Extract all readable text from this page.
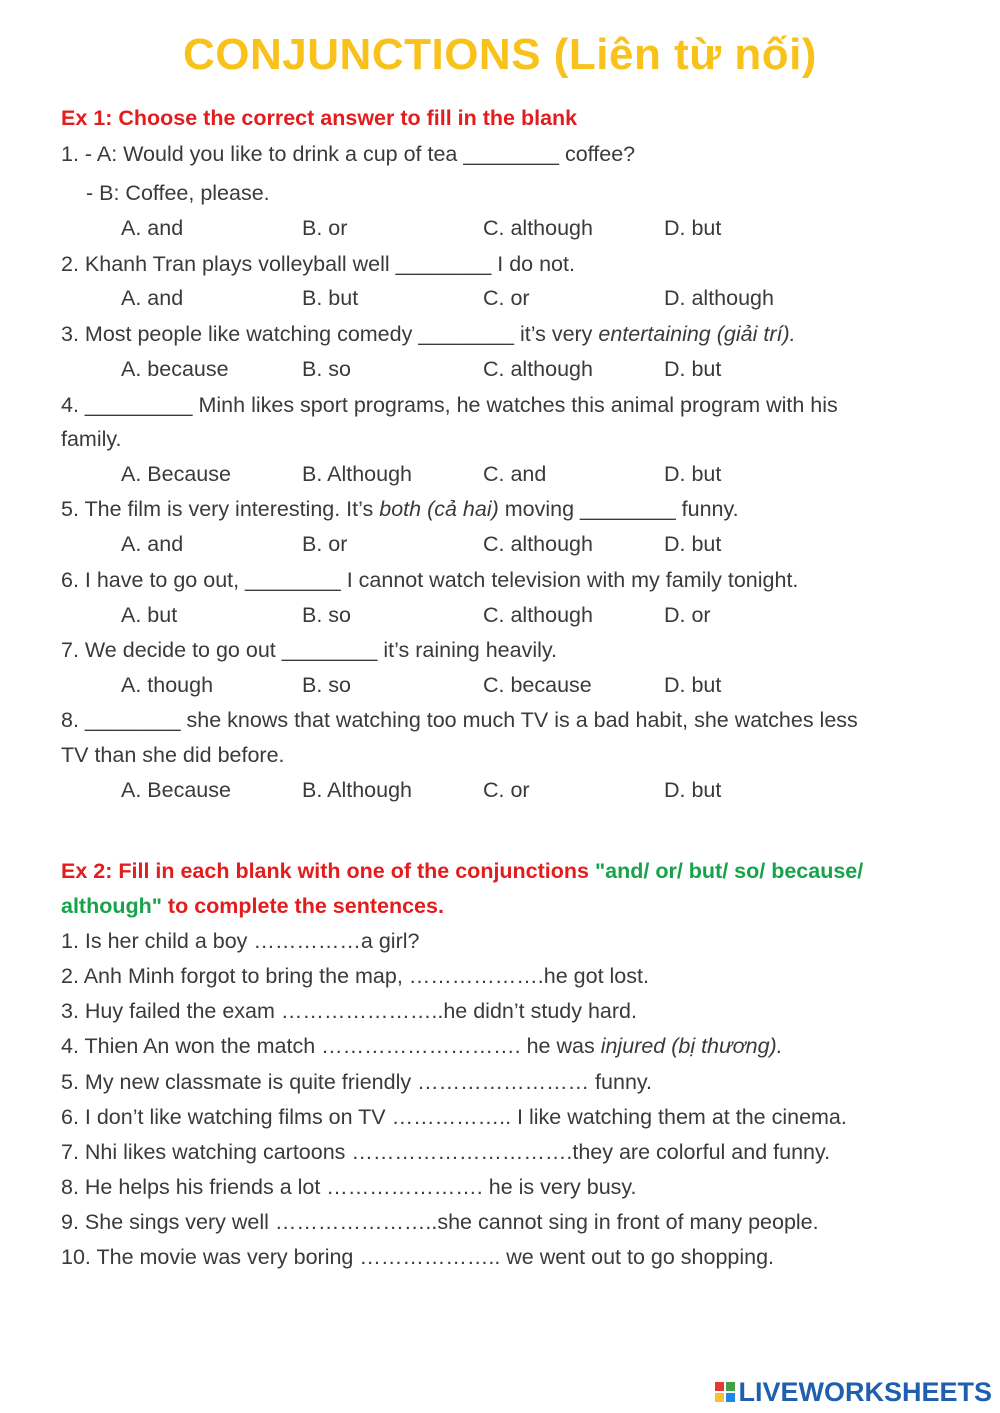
CONJUNCTIONS (Liên từ nối)
Ex 1: Choose the correct answer to fill in the blank
1. - A: Would you like to drink a cup of tea ________ coffee?
- B: Coffee, please.
A. and	B. or	C. although	D. but
2. Khanh Tran plays volleyball well ________ I do not.
A. and	B. but	C. or	D. although
3. Most people like watching comedy ________ it’s very entertaining (giải trí).
A. because	B. so	C. although	D. but
4. _________ Minh likes sport programs, he watches this animal program with his
family.
A. Because	B. Although	C. and	D. but
5. The film is very interesting. It’s both (cả hai) moving ________ funny.
A. and	B. or	C. although	D. but
6. I have to go out, ________ I cannot watch television with my family tonight.
A. but	B. so	C. although	D. or
7. We decide to go out ________ it’s raining heavily.
A. though	B. so	C. because	D. but
8. ________ she knows that watching too much TV is a bad habit, she watches less
TV than she did before.
A. Because	B. Although	C. or	D. but
Ex 2: Fill in each blank with one of the conjunctions "and/ or/ but/ so/ because/
although" to complete the sentences.
1. Is her child a boy ……………a girl?
2. Anh Minh forgot to bring the map, ……………….he got lost.
3. Huy failed the exam …………………..he didn’t study hard.
4. Thien An won the match ………………………. he was injured (bị thương).
5. My new classmate is quite friendly …………………… funny.
6. I don’t like watching films on TV …………….. I like watching them at the cinema.
7. Nhi likes watching cartoons ………………………….they are colorful and funny.
8. He helps his friends a lot …………………. he is very busy.
9. She sings very well …………………..she cannot sing in front of many people.
10. The movie was very boring ……………….. we went out to go shopping.
LIVEWORKSHEETS
